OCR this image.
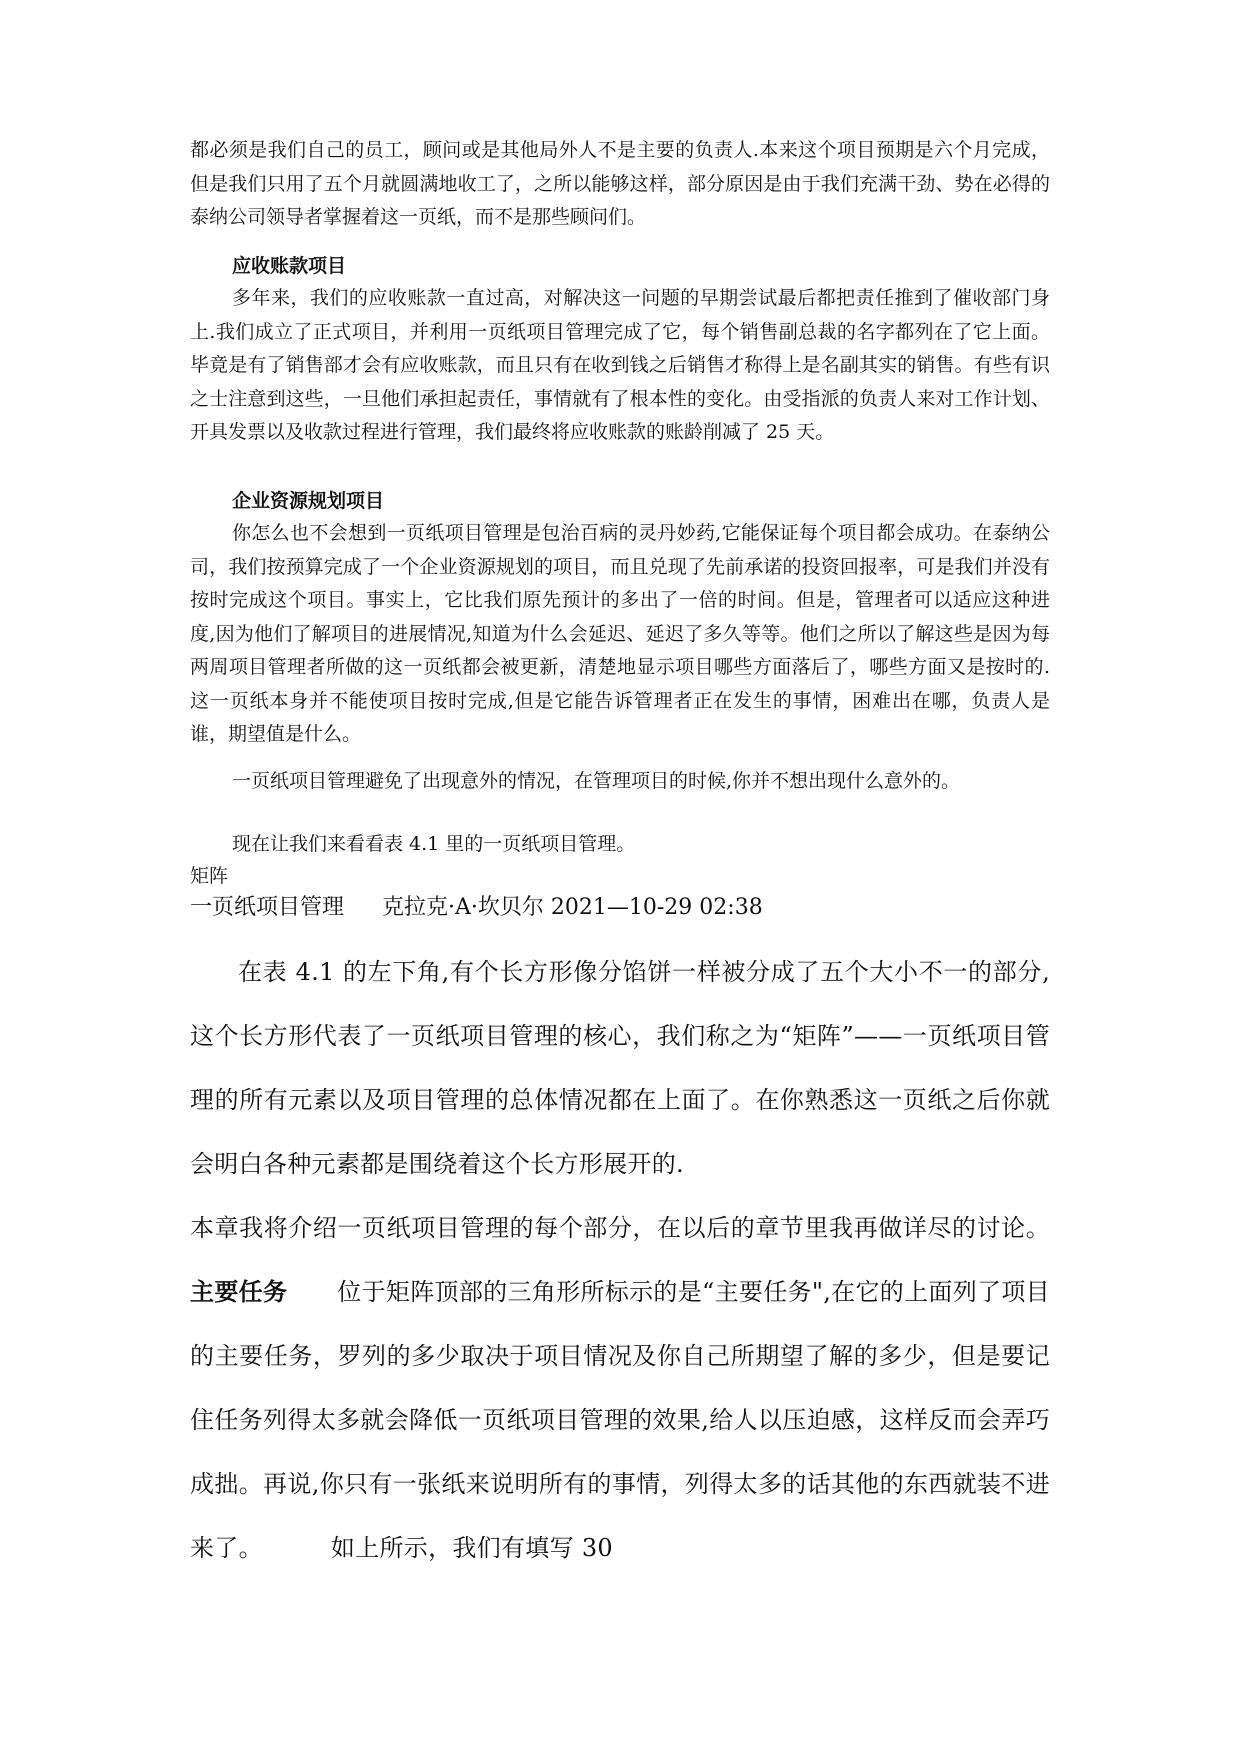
都必须是我们自己的员工，顾问或是其他局外人不是主要的负责人.本来这个项目预期是六个月完成，但是我们只用了五个月就圆满地收工了，之所以能够这样，部分原因是由于我们充满干劲、势在必得的泰纳公司领导者掌握着这一页纸，而不是那些顾问们。

应收账款项目

多年来，我们的应收账款一直过高，对解决这一问题的早期尝试最后都把责任推到了催收部门身上.我们成立了正式项目，并利用一页纸项目管理完成了它，每个销售副总裁的名字都列在了它上面。毕竟是有了销售部才会有应收账款，而且只有在收到钱之后销售才称得上是名副其实的销售。有些有识之士注意到这些，一旦他们承担起责任，事情就有了根本性的变化。由受指派的负责人来对工作计划、开具发票以及收款过程进行管理，我们最终将应收账款的账龄削减了 25 天。

企业资源规划项目

你怎么也不会想到一页纸项目管理是包治百病的灵丹妙药,它能保证每个项目都会成功。在泰纳公司，我们按预算完成了一个企业资源规划的项目，而且兑现了先前承诺的投资回报率，可是我们并没有按时完成这个项目。事实上，它比我们原先预计的多出了一倍的时间。但是，管理者可以适应这种进度,因为他们了解项目的进展情况,知道为什么会延迟、延迟了多久等等。他们之所以了解这些是因为每两周项目管理者所做的这一页纸都会被更新，清楚地显示项目哪些方面落后了，哪些方面又是按时的.这一页纸本身并不能使项目按时完成,但是它能告诉管理者正在发生的事情，困难出在哪，负责人是谁，期望值是什么。

一页纸项目管理避免了出现意外的情况，在管理项目的时候,你并不想出现什么意外的。

现在让我们来看看表 4.1 里的一页纸项目管理。

矩阵
一页纸项目管理 克拉克·A·坎贝尔 2021—10-29 02:38

在表 4.1 的左下角,有个长方形像分馅饼一样被分成了五个大小不一的部分,这个长方形代表了一页纸项目管理的核心，我们称之为“矩阵”——一页纸项目管理的所有元素以及项目管理的总体情况都在上面了。在你熟悉这一页纸之后你就会明白各种元素都是围绕着这个长方形展开的.

本章我将介绍一页纸项目管理的每个部分，在以后的章节里我再做详尽的讨论。主要任务 位于矩阵顶部的三角形所标示的是“主要任务",在它的上面列了项目的主要任务，罗列的多少取决于项目情况及你自己所期望了解的多少，但是要记住任务列得太多就会降低一页纸项目管理的效果,给人以压迫感，这样反而会弄巧成拙。再说,你只有一张纸来说明所有的事情，列得太多的话其他的东西就装不进来了。	如上所示，我们有填写 30
